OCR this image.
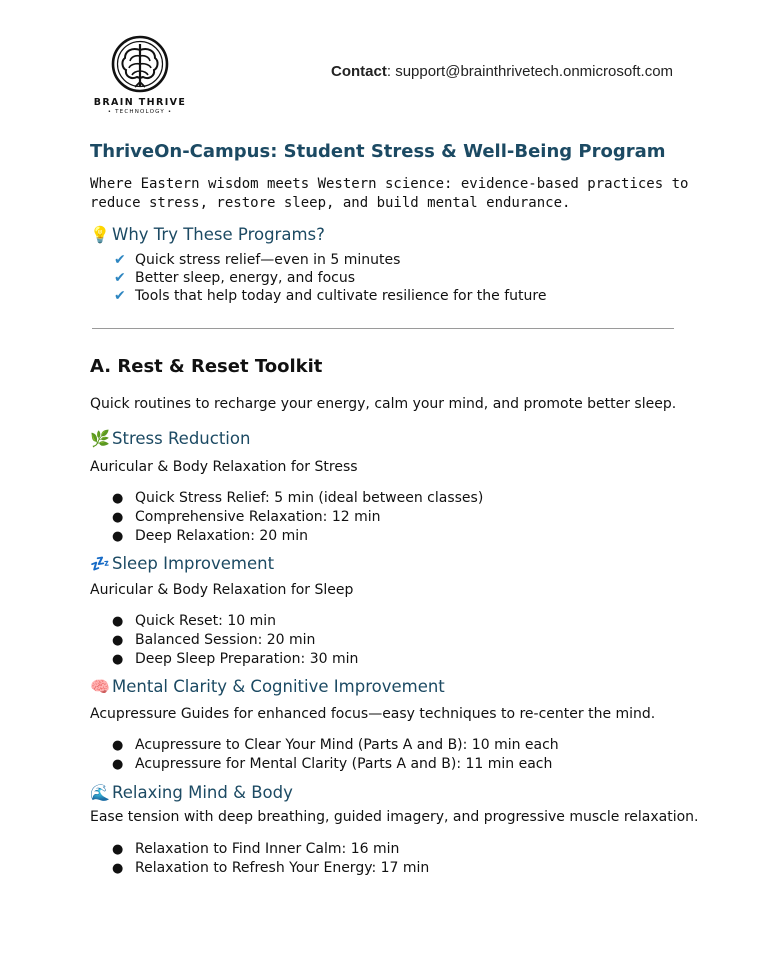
BRAIN THRIVE
• TECHNOLOGY •
Contact: support@brainthrivetech.onmicrosoft.com
ThriveOn-Campus: Student Stress & Well-Being Program
Where Eastern wisdom meets Western science: evidence-based practices to reduce stress, restore sleep, and build mental endurance.
💡 Why Try These Programs?
✔ Quick stress relief—even in 5 minutes
✔ Better sleep, energy, and focus
✔ Tools that help today and cultivate resilience for the future
A. Rest & Reset Toolkit
Quick routines to recharge your energy, calm your mind, and promote better sleep.
🌿 Stress Reduction
Auricular & Body Relaxation for Stress
● Quick Stress Relief: 5 min (ideal between classes)
● Comprehensive Relaxation: 12 min
● Deep Relaxation: 20 min
💤 Sleep Improvement
Auricular & Body Relaxation for Sleep
● Quick Reset: 10 min
● Balanced Session: 20 min
● Deep Sleep Preparation: 30 min
🧠 Mental Clarity & Cognitive Improvement
Acupressure Guides for enhanced focus—easy techniques to re-center the mind.
● Acupressure to Clear Your Mind (Parts A and B): 10 min each
● Acupressure for Mental Clarity (Parts A and B): 11 min each
🌊 Relaxing Mind & Body
Ease tension with deep breathing, guided imagery, and progressive muscle relaxation.
● Relaxation to Find Inner Calm: 16 min
● Relaxation to Refresh Your Energy: 17 min
